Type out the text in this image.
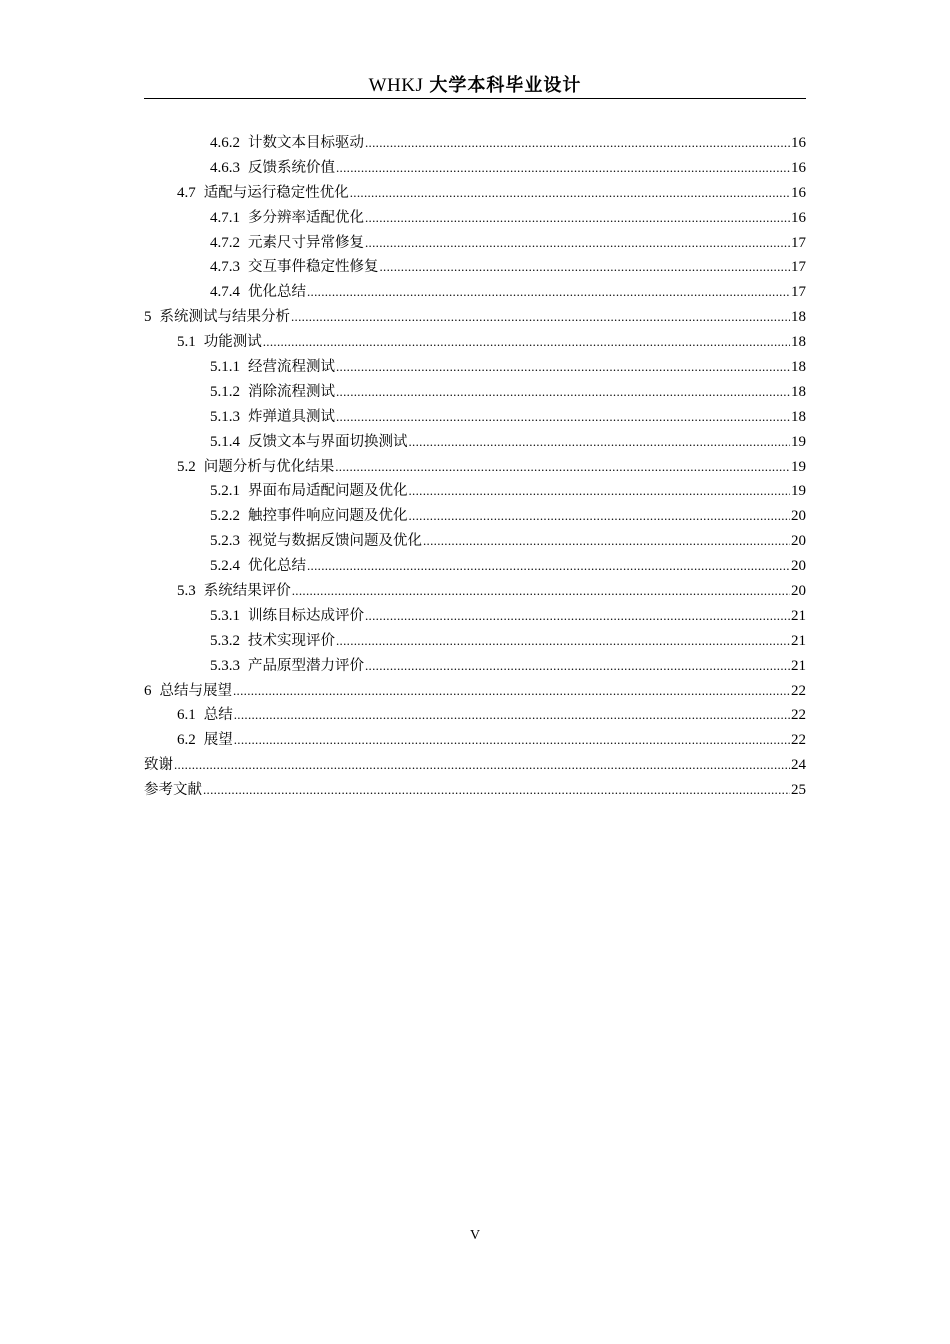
WHKJ 大学本科毕业设计
4.6.2 计数文本目标驱动 .....	16
4.6.3 反馈系统价值 .....	16
4.7 适配与运行稳定性优化 .....	16
4.7.1 多分辨率适配优化 .....	16
4.7.2 元素尺寸异常修复 .....	17
4.7.3 交互事件稳定性修复 .....	17
4.7.4 优化总结 .....	17
5 系统测试与结果分析 .....	18
5.1 功能测试 .....	18
5.1.1 经营流程测试 .....	18
5.1.2 消除流程测试 .....	18
5.1.3 炸弹道具测试 .....	18
5.1.4 反馈文本与界面切换测试 .....	19
5.2 问题分析与优化结果 .....	19
5.2.1 界面布局适配问题及优化 .....	19
5.2.2 触控事件响应问题及优化 .....	20
5.2.3 视觉与数据反馈问题及优化 .....	20
5.2.4 优化总结 .....	20
5.3 系统结果评价 .....	20
5.3.1 训练目标达成评价 .....	21
5.3.2 技术实现评价 .....	21
5.3.3 产品原型潜力评价 .....	21
6 总结与展望 .....	22
6.1 总结 .....	22
6.2 展望 .....	22
致谢 .....	24
参考文献 .....	25
V
